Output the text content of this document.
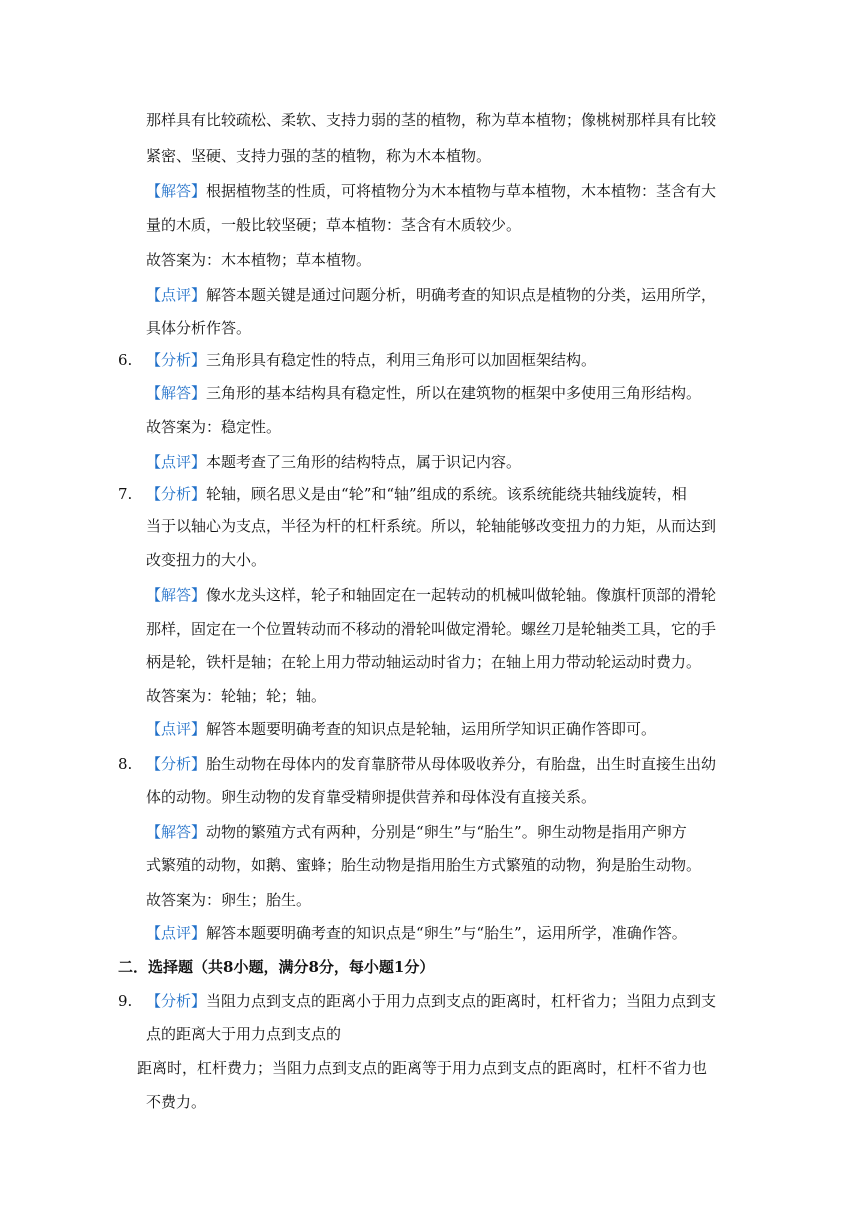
那样具有比较疏松、柔软、支持力弱的茎的植物，称为草本植物；像桃树那样具有比较
紧密、坚硬、支持力强的茎的植物，称为木本植物。
【解答】根据植物茎的性质，可将植物分为木本植物与草本植物，木本植物：茎含有大
量的木质，一般比较坚硬；草本植物：茎含有木质较少。
故答案为：木本植物；草本植物。
【点评】解答本题关键是通过问题分析，明确考查的知识点是植物的分类，运用所学，
具体分析作答。
6. 【分析】三角形具有稳定性的特点，利用三角形可以加固框架结构。
【解答】三角形的基本结构具有稳定性，所以在建筑物的框架中多使用三角形结构。
故答案为：稳定性。
【点评】本题考查了三角形的结构特点，属于识记内容。
7. 【分析】轮轴，顾名思义是由“轮”和“轴”组成的系统。该系统能绕共轴线旋转，相
当于以轴心为支点，半径为杆的杠杆系统。所以，轮轴能够改变扭力的力矩，从而达到
改变扭力的大小。
【解答】像水龙头这样，轮子和轴固定在一起转动的机械叫做轮轴。像旗杆顶部的滑轮
那样，固定在一个位置转动而不移动的滑轮叫做定滑轮。螺丝刀是轮轴类工具，它的手
柄是轮，铁杆是轴；在轮上用力带动轴运动时省力；在轴上用力带动轮运动时费力。
故答案为：轮轴；轮；轴。
【点评】解答本题要明确考查的知识点是轮轴，运用所学知识正确作答即可。
8. 【分析】胎生动物在母体内的发育靠脐带从母体吸收养分，有胎盘，出生时直接生出幼
体的动物。卵生动物的发育靠受精卵提供营养和母体没有直接关系。
【解答】动物的繁殖方式有两种，分别是“卵生”与“胎生”。卵生动物是指用产卵方
式繁殖的动物，如鹅、蜜蜂；胎生动物是指用胎生方式繁殖的动物，狗是胎生动物。
故答案为：卵生；胎生。
【点评】解答本题要明确考查的知识点是“卵生”与“胎生”，运用所学，准确作答。
二．选择题（共8小题，满分8分，每小题1分）
9. 【分析】当阻力点到支点的距离小于用力点到支点的距离时，杠杆省力；当阻力点到支
点的距离大于用力点到支点的
距离时，杠杆费力；当阻力点到支点的距离等于用力点到支点的距离时，杠杆不省力也
不费力。
